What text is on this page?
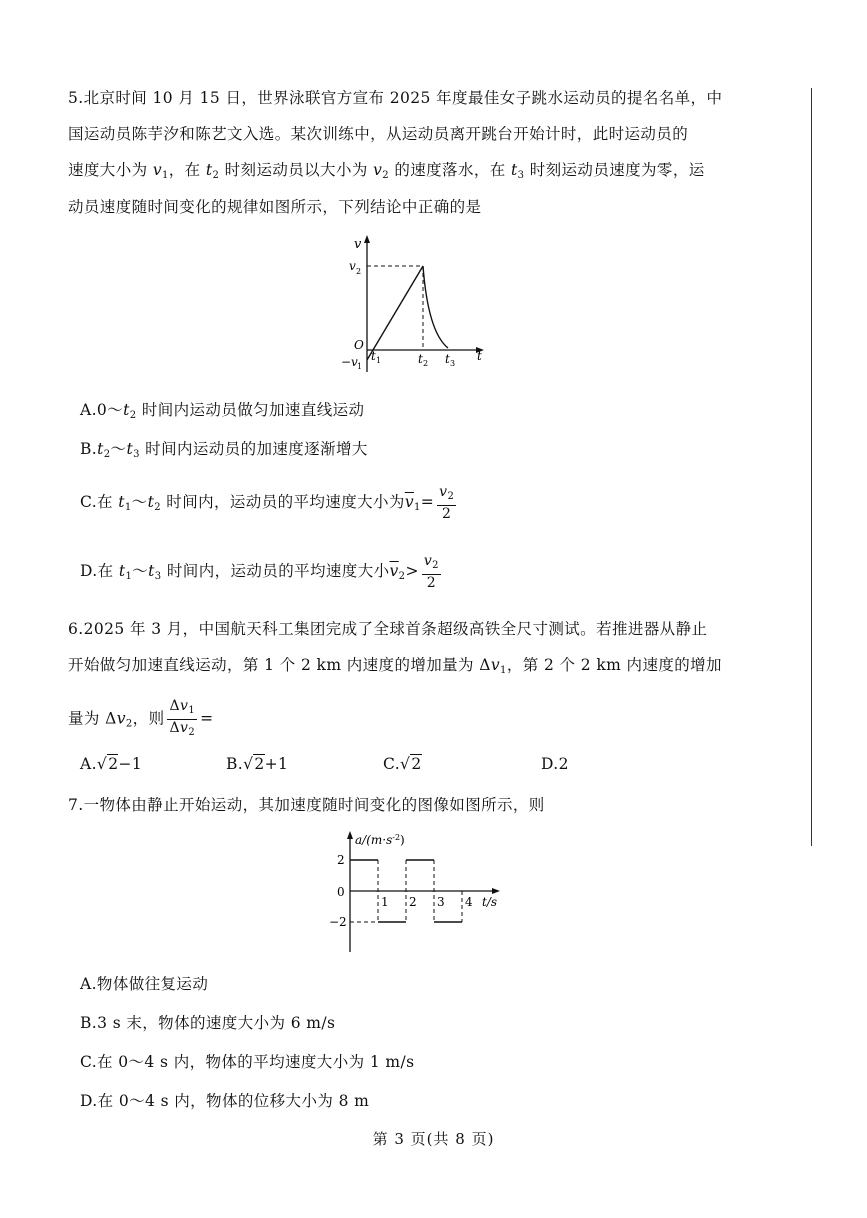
5.北京时间 10 月 15 日，世界泳联官方宣布 2025 年度最佳女子跳水运动员的提名名单，中
国运动员陈芋汐和陈艺文入选。某次训练中，从运动员离开跳台开始计时，此时运动员的
速度大小为 $v_1$，在 $t_2$ 时刻运动员以大小为 $v_2$ 的速度落水，在 $t_3$ 时刻运动员速度为零，运
动员速度随时间变化的规律如图所示，下列结论中正确的是
v
v 2
O
−v 1
t 1	t 2 t 3
t
$A.0\sim t_2$ 时间内运动员做匀加速直线运动
$B.t_2\sim t_3$ 时间内运动员的加速度逐渐增大
C.在 $t_1\sim t_2$ 时间内，运动员的平均速度大小为$\overline{v}_1= \frac{v_2}{2}$
D.在 $t_1\sim t_3$ 时间内，运动员的平均速度大小$\overline{v}_2> \frac{v_2}{2}$
6.2025 年 3 月，中国航天科工集团完成了全球首条超级高铁全尺寸测试。若推进器从静止
开始做匀加速直线运动，第 1 个 2 km 内速度的增加量为 $\Delta v_1$，第 2 个 2 km 内速度的增加
量为 $\Delta v_2$，则 $\frac{\Delta v_1}{\Delta v_2}$ =
A.√2−1	B.√2+1	C.√2	D.2
7.一物体由静止开始运动，其加速度随时间变化的图像如图所示，则
$a/(m\cdot s^{-2})$
2
0
−2
1 2 3 4 t/s
A.物体做往复运动
B.3 s 末，物体的速度大小为 6 m/s
C.在 0～4 s 内，物体的平均速度大小为 1 m/s
D.在 0～4 s 内，物体的位移大小为 8 m
第 3 页(共 8 页)
